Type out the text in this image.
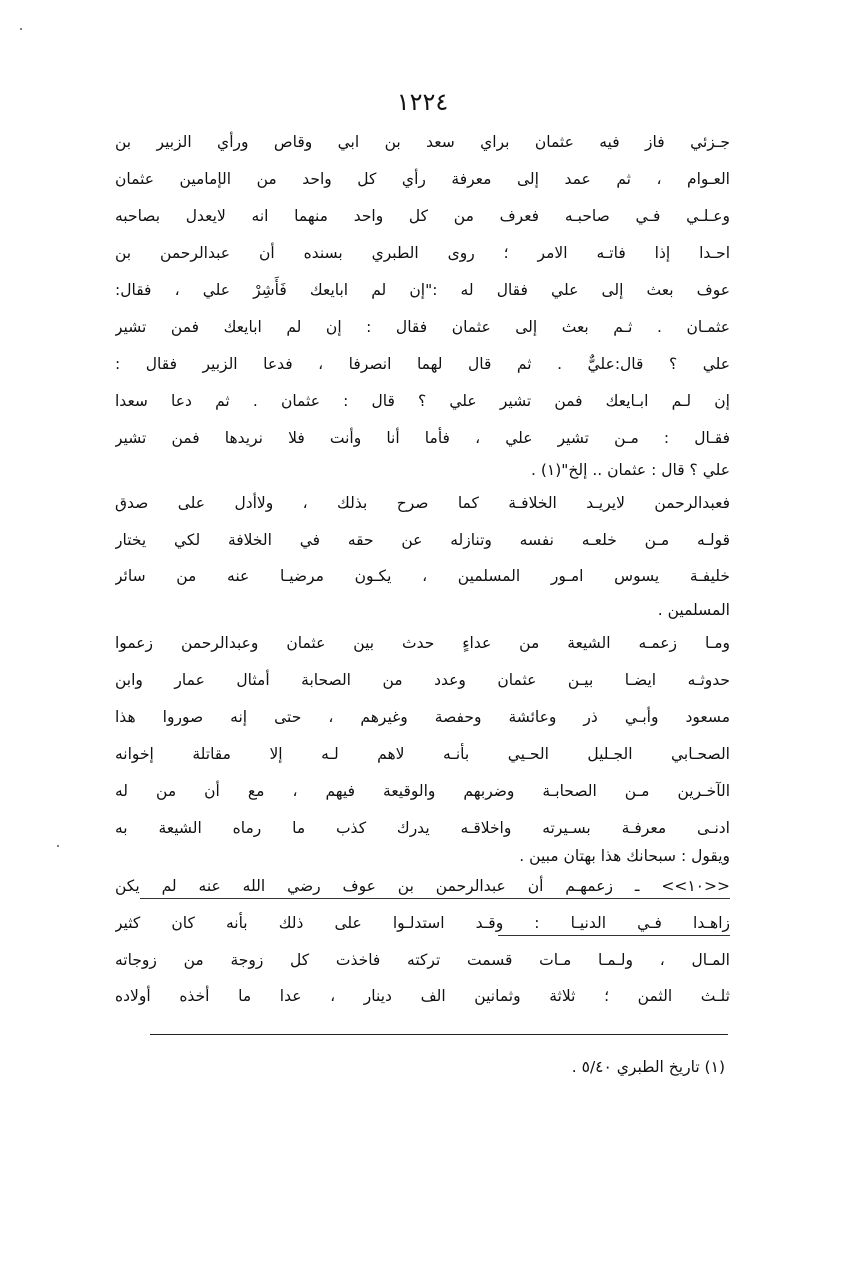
١٢٢٤
جـزئي فاز فيه عثمان براي سعد بن ابي وقاص ورأي الزبير بن
العـوام ، ثم عمد إلى معرفة رأي كل واحد من الإمامين عثمان
وعـلـي فـي صاحبـه فعرف من كل واحد منهما انه لايعدل بصاحبه
احـدا إذا فاتـه الامر ؛ روى الطبري بسنده أن عبدالرحمن بن
عوف بعث إلى علي فقال له :"إن لم ابايعك فَأَشِرْ علي ، فقال:
عثمـان . ثـم بعث إلى عثمان فقال : إن لم ابايعك فمن تشير
علي ؟ قال:عليٌّ . ثم قال لهما انصرفا ، فدعا الزبير فقال :
إن لـم ابـايعك فمن تشير علي ؟ قال : عثمان . ثم دعا سعدا
فقـال : مـن تشير علي ، فأما أنا وأنت فلا نريدها فمن تشير
علي ؟ قال : عثمان .. إلخ"(١) .
فعبدالرحمن لايريـد الخلافـة كما صرح بذلك ، ولاأدل على صدق
قولـه مـن خلعـه نفسه وتنازله عن حقه في الخلافة لكي يختار
خليفـة يسوس امـور المسلمين ، يكـون مرضيـا عنه من سائر
المسلمين .
ومـا زعمـه الشيعة من عداءٍ حدث بين عثمان وعبدالرحمن زعموا
حدوثـه ايضـا بيـن عثمان وعدد من الصحابة أمثال عمار وابن
مسعود وأبـي ذر وعائشة وحفصة وغيرهم ، حتى إنه صوروا هذا
الصحـابي الجـليل الحـيي بأنـه لاهم لـه إلا مقاتلة إخوانه
الآخـرين مـن الصحابـة وضربهم والوقيعة فيهم ، مع أن من له
ادنـى معرفـة بسـيرته واخلاقـه يدرك كذب ما رماه الشيعة به
ويقول : سبحانك هذا بهتان مبين .
<<١٠>> ـ زعمهـم أن عبدالرحمن بن عوف رضي الله عنه لم يكن
زاهـدا فـي الدنيـا : وقـد استدلـوا على ذلك بأنه كان كثير
المـال ، ولـمـا مـات قسمت تركته فاخذت كل زوجة من زوجاته
ثلـث الثمن ؛ ثلاثة وثمانين الف دينار ، عدا ما أخذه أولاده
(١) تاريخ الطبري ٥/٤٠ .
